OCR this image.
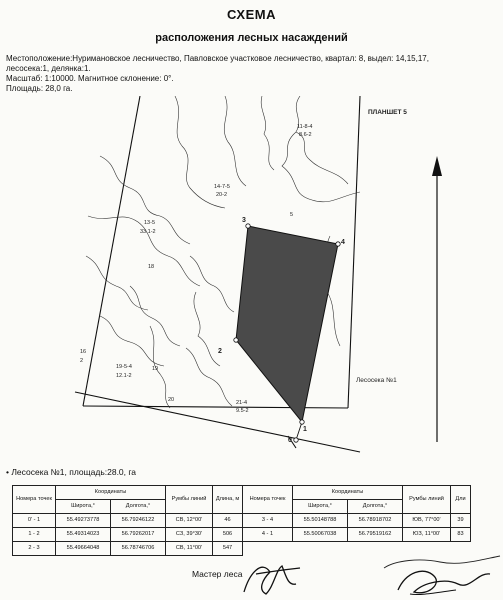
СХЕМА
расположения лесных насаждений
Местоположение:Нуримановское лесничество, Павловское участковое лесничество, квартал: 8, выдел: 14,15,17,
лесосека:1, делянка:1.
Масштаб: 1:10000. Магнитное склонение: 0°.
Площадь: 28,0 га.
ПЛАНШЕТ 5
11-8-4
8.6-2
14-7-5
20-2
5
13-5
33.1-2
18
19
19-5-4
12.1-2
20	21-4
9.5-2
16
2
3
4
2
1
0
Лесосека №1
• Лесосека №1, площадь:28.0, га
Номера точек	Координаты		Румбы линий	Длина, м	Номера точек	Координаты		Румбы линий	Дли
	Широта,°	Долгота,°				Широта,°	Долгота,°		
0' - 1	55.49273778	56.79246122	СВ, 12°00'	46	3 - 4	55.50148788	56.78918702	ЮВ, 77°00'	39
1 - 2	55.49314023	56.79262017	СЗ, 39°30'	506	4 - 1	55.50067038	56.79519162	ЮЗ, 11°00'	83
2 - 3	55.49664048	56.78746706	СВ, 11°00'	547					
Мастер леса
